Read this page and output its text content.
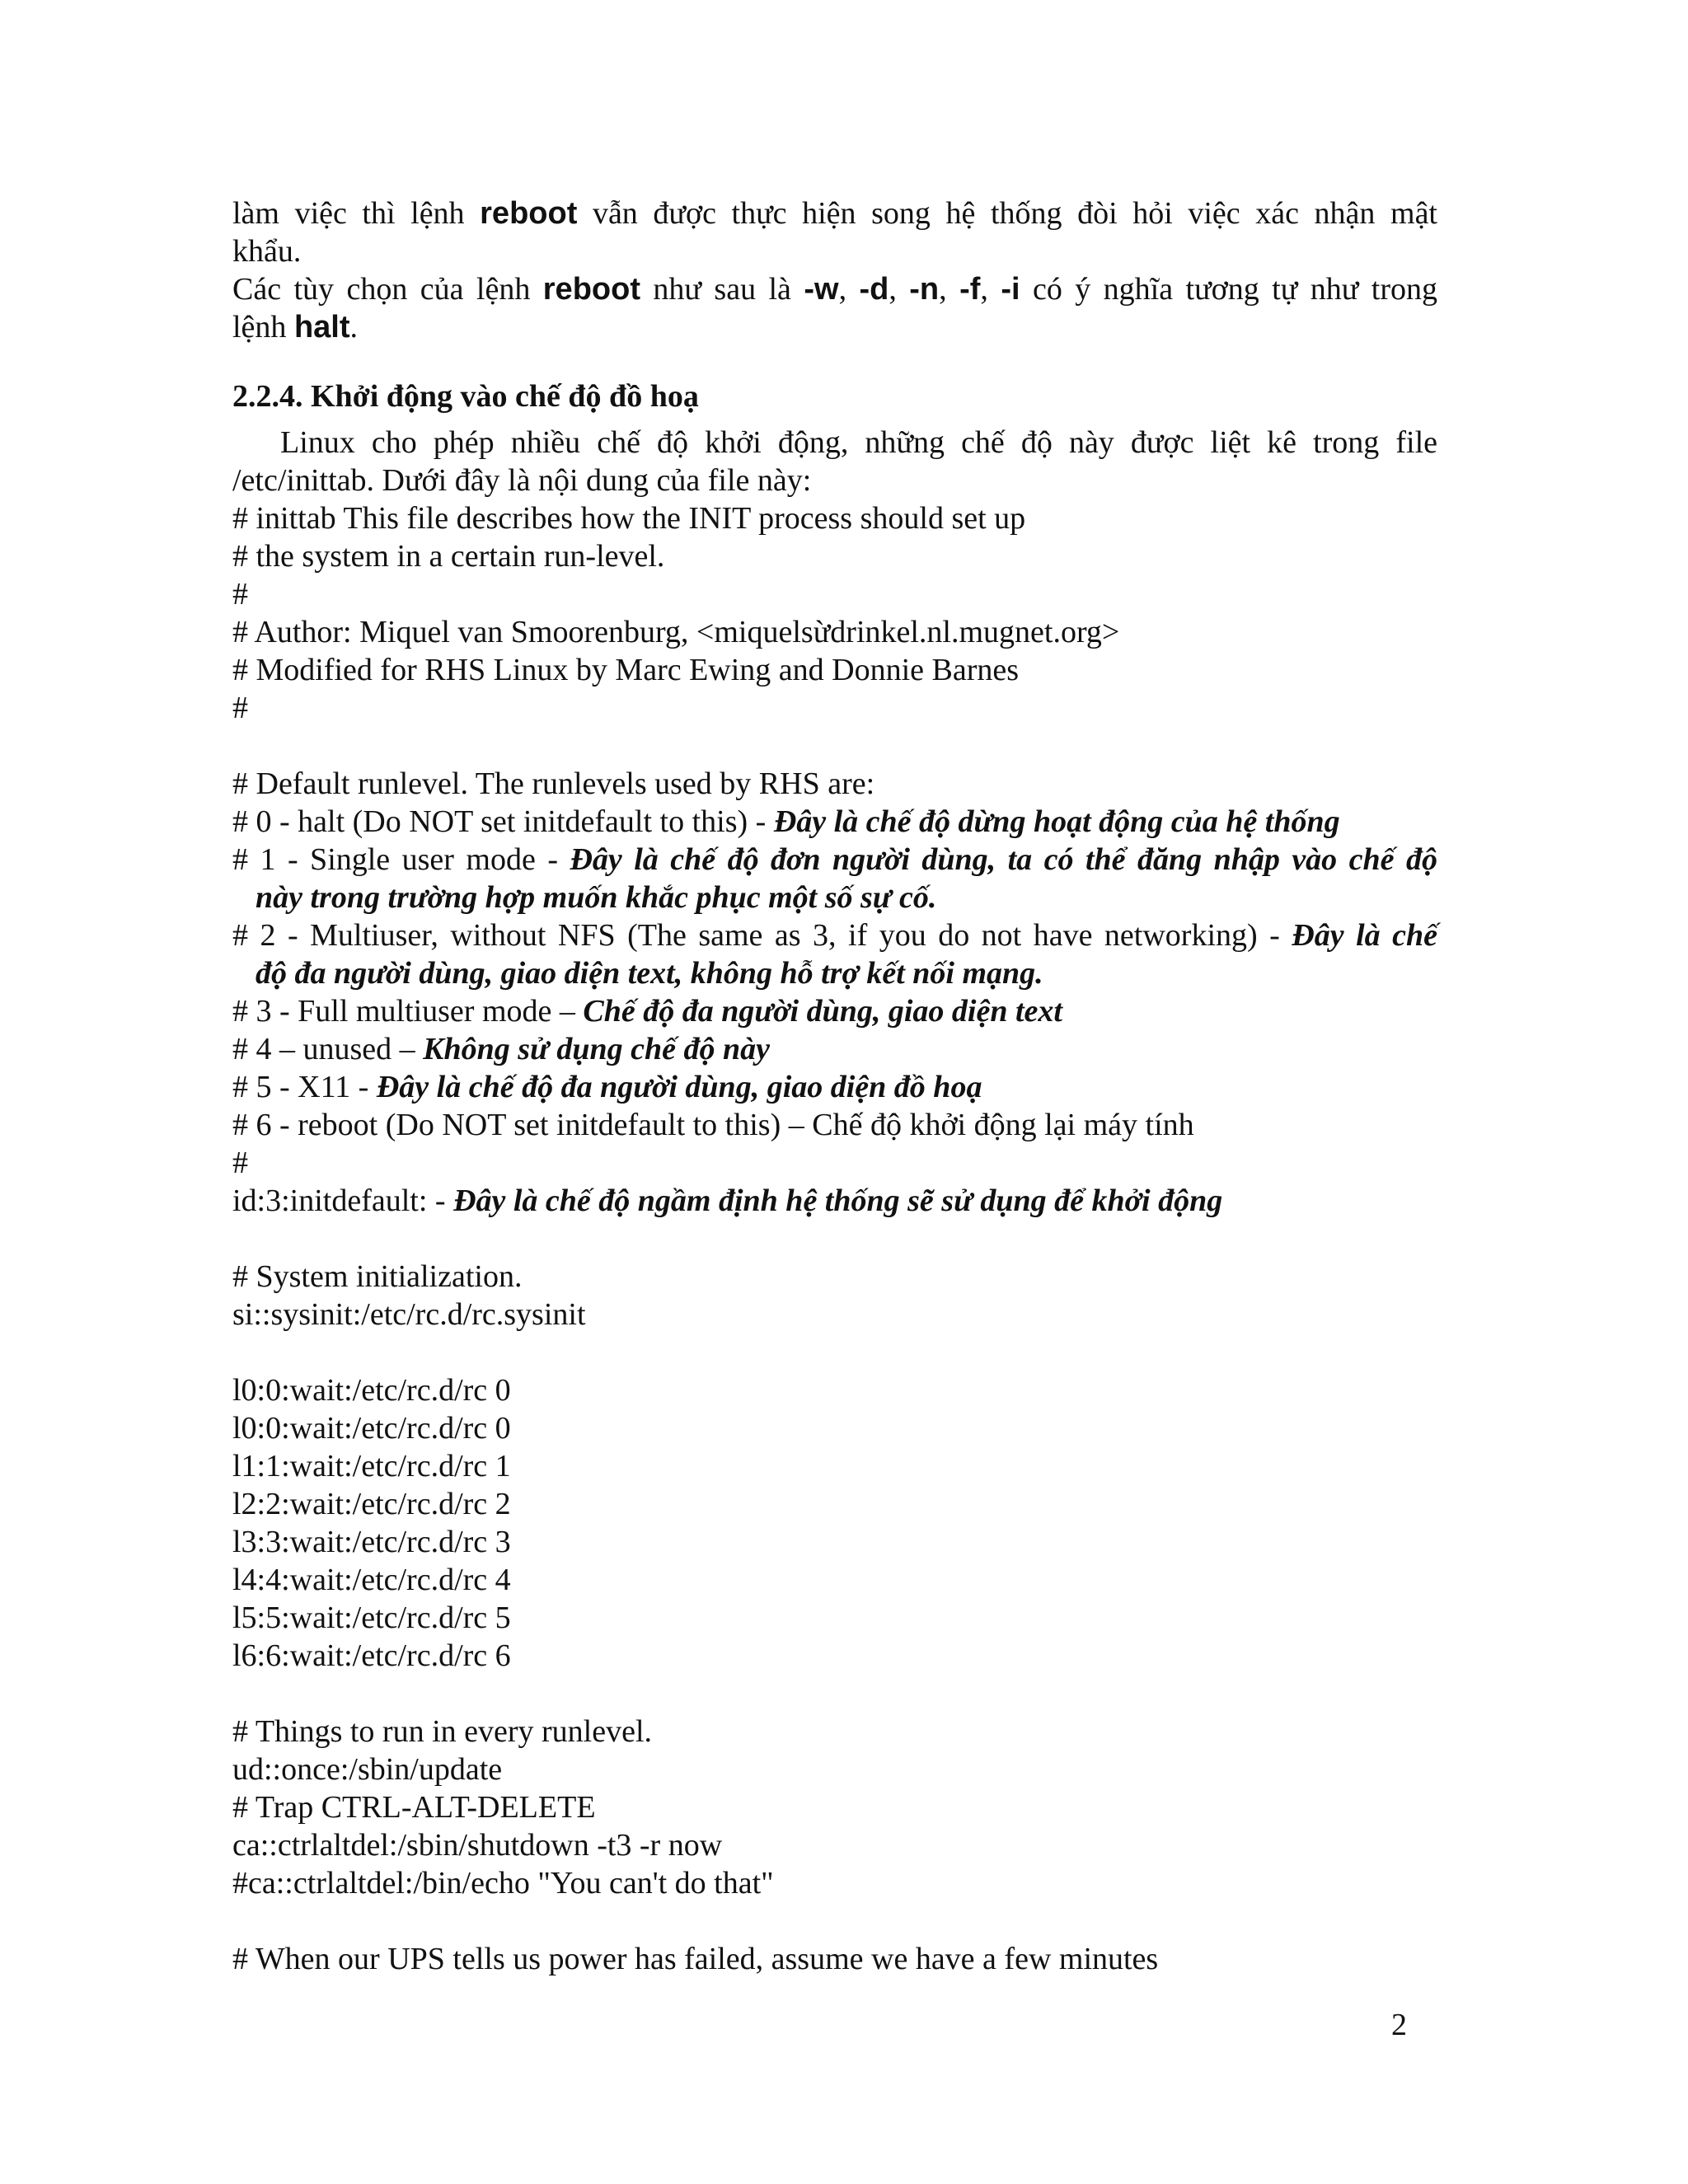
làm việc thì lệnh reboot vẫn được thực hiện song hệ thống đòi hỏi việc xác nhận mật
khẩu.
Các tùy chọn của lệnh reboot như sau là -w, -d, -n, -f, -i có ý nghĩa tương tự như trong
lệnh halt.
2.2.4. Khởi động vào chế độ đồ hoạ
Linux cho phép nhiều chế độ khởi động, những chế độ này được liệt kê trong file
/etc/inittab. Dưới đây là nội dung của file này:
# inittab This file describes how the INIT process should set up
# the system in a certain run-level.
#
# Author: Miquel van Smoorenburg, <miquelsừdrinkel.nl.mugnet.org>
# Modified for RHS Linux by Marc Ewing and Donnie Barnes
#
# Default runlevel. The runlevels used by RHS are:
# 0 - halt (Do NOT set initdefault to this) - Đây là chế độ dừng hoạt động của hệ thống
# 1 - Single user mode - Đây là chế độ đơn người dùng, ta có thể đăng nhập vào chế độ
này trong trường hợp muốn khắc phục một số sự cố.
# 2 - Multiuser, without NFS (The same as 3, if you do not have networking) - Đây là chế
độ đa người dùng, giao diện text, không hỗ trợ kết nối mạng.
# 3 - Full multiuser mode – Chế độ đa người dùng, giao diện text
# 4 – unused – Không sử dụng chế độ này
# 5 - X11 - Đây là chế độ đa người dùng, giao diện đồ hoạ
# 6 - reboot (Do NOT set initdefault to this) – Chế độ khởi động lại máy tính
#
id:3:initdefault: - Đây là chế độ ngầm định hệ thống sẽ sử dụng để khởi động
# System initialization.
si::sysinit:/etc/rc.d/rc.sysinit
l0:0:wait:/etc/rc.d/rc 0
l0:0:wait:/etc/rc.d/rc 0
l1:1:wait:/etc/rc.d/rc 1
l2:2:wait:/etc/rc.d/rc 2
l3:3:wait:/etc/rc.d/rc 3
l4:4:wait:/etc/rc.d/rc 4
l5:5:wait:/etc/rc.d/rc 5
l6:6:wait:/etc/rc.d/rc 6
# Things to run in every runlevel.
ud::once:/sbin/update
# Trap CTRL-ALT-DELETE
ca::ctrlaltdel:/sbin/shutdown -t3 -r now
#ca::ctrlaltdel:/bin/echo "You can't do that"
# When our UPS tells us power has failed, assume we have a few minutes
2
